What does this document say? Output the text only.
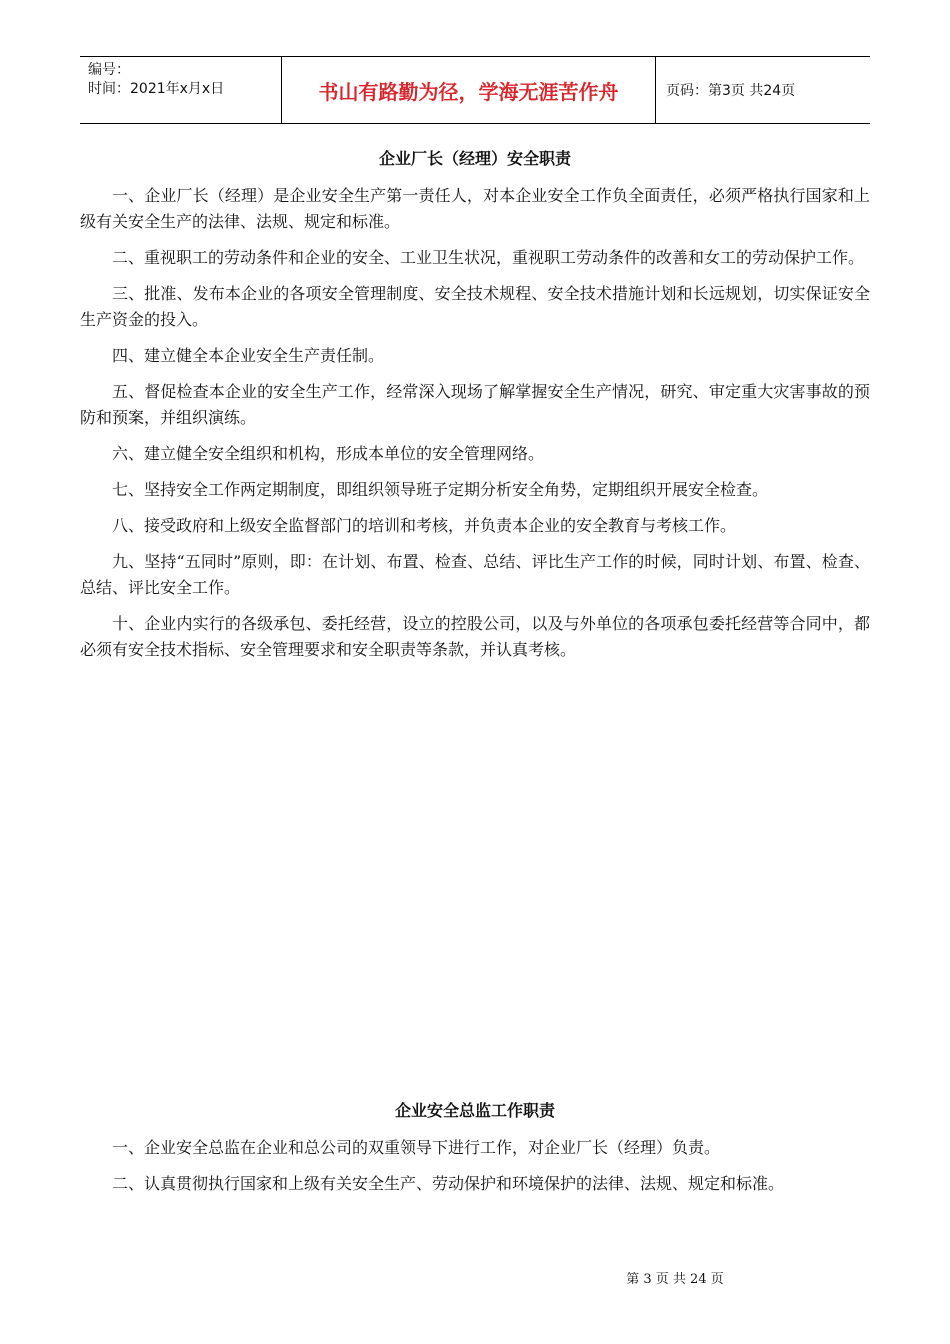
编号：
时间：2021年x月x日	书山有路勤为径，学海无涯苦作舟	页码：第3页 共24页
企业厂长（经理）安全职责

一、企业厂长（经理）是企业安全生产第一责任人，对本企业安全工作负全面责任，必须严格执行国家和上级有关安全生产的法律、法规、规定和标准。

二、重视职工的劳动条件和企业的安全、工业卫生状况，重视职工劳动条件的改善和女工的劳动保护工作。

三、批准、发布本企业的各项安全管理制度、安全技术规程、安全技术措施计划和长远规划，切实保证安全生产资金的投入。

四、建立健全本企业安全生产责任制。

五、督促检查本企业的安全生产工作，经常深入现场了解掌握安全生产情况，研究、审定重大灾害事故的预防和预案，并组织演练。

六、建立健全安全组织和机构，形成本单位的安全管理网络。

七、坚持安全工作两定期制度，即组织领导班子定期分析安全角势，定期组织开展安全检查。

八、接受政府和上级安全监督部门的培训和考核，并负责本企业的安全教育与考核工作。

九、坚持“五同时”原则，即：在计划、布置、检查、总结、评比生产工作的时候，同时计划、布置、检查、总结、评比安全工作。

十、企业内实行的各级承包、委托经营，设立的控股公司，以及与外单位的各项承包委托经营等合同中，都必须有安全技术指标、安全管理要求和安全职责等条款，并认真考核。

企业安全总监工作职责

一、企业安全总监在企业和总公司的双重领导下进行工作，对企业厂长（经理）负责。

二、认真贯彻执行国家和上级有关安全生产、劳动保护和环境保护的法律、法规、规定和标准。

第 3 页 共 24 页
